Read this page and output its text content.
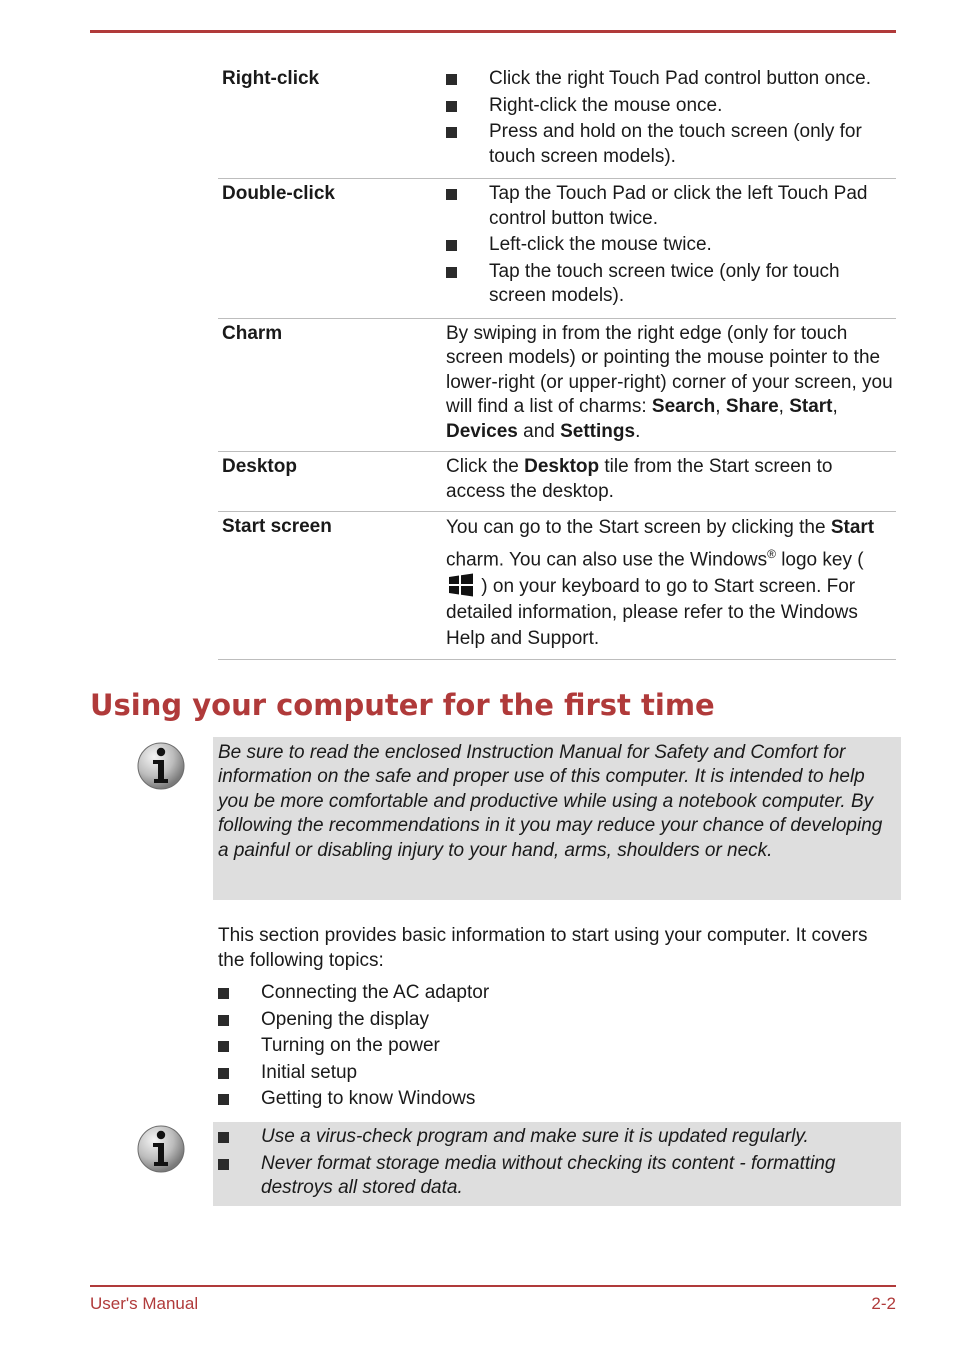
Right-click	Click the right Touch Pad control button once.
Right-click the mouse once.
Press and hold on the touch screen (only for touch screen models).
Double-click	Tap the Touch Pad or click the left Touch Pad control button twice.
Left-click the mouse twice.
Tap the touch screen twice (only for touch screen models).
Charm	By swiping in from the right edge (only for touch screen models) or pointing the mouse pointer to the lower-right (or upper-right) corner of your screen, you will find a list of charms: Search, Share, Start, Devices and Settings.
Desktop	Click the Desktop tile from the Start screen to access the desktop.
Start screen	You can go to the Start screen by clicking the Start charm. You can also use the Windows® logo key (  ) on your keyboard to go to Start screen. For detailed information, please refer to the Windows Help and Support.
Using your computer for the first time

Be sure to read the enclosed Instruction Manual for Safety and Comfort for information on the safe and proper use of this computer. It is intended to help you be more comfortable and productive while using a notebook computer. By following the recommendations in it you may reduce your chance of developing a painful or disabling injury to your hand, arms, shoulders or neck.

This section provides basic information to start using your computer. It covers the following topics:

Connecting the AC adaptor
Opening the display
Turning on the power
Initial setup
Getting to know Windows
Use a virus-check program and make sure it is updated regularly.
Never format storage media without checking its content - formatting destroys all stored data.
User's Manual	2-2
